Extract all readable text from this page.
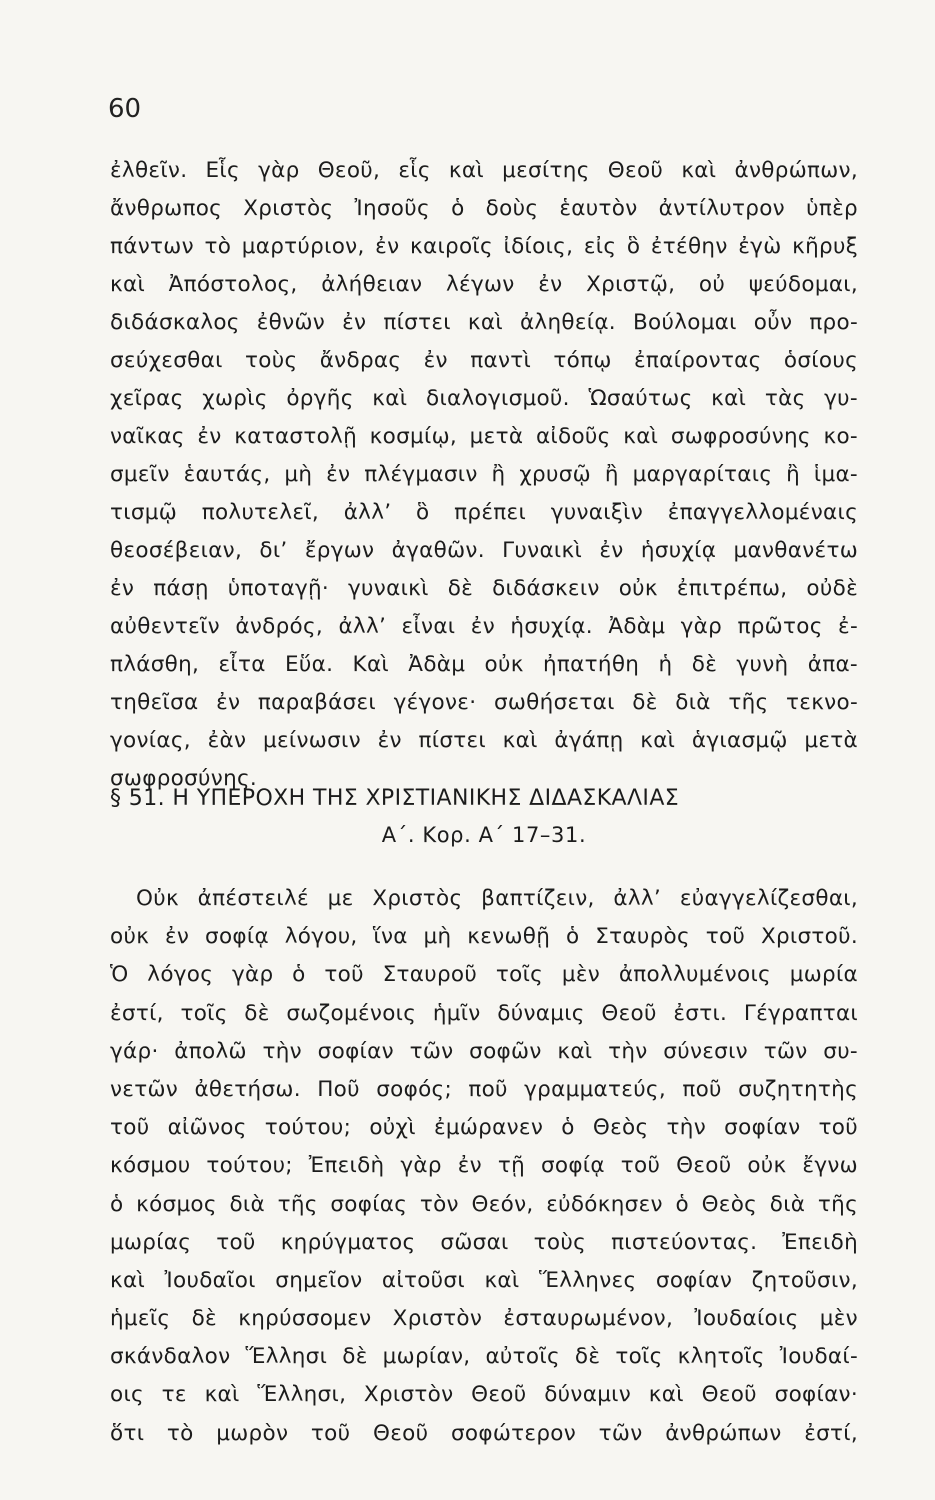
60
ἐλθεῖν. Εἷς γὰρ Θεοῦ, εἷς καὶ μεσίτης Θεοῦ καὶ ἀνθρώπων,
ἄνθρωπος Χριστὸς Ἰησοῦς ὁ δοὺς ἑαυτὸν ἀντίλυτρον ὑπὲρ
πάντων τὸ μαρτύριον, ἐν καιροῖς ἰδίοις, εἰς ὃ ἐτέθην ἐγὼ κῆρυξ
καὶ Ἀπόστολος, ἀλήθειαν λέγων ἐν Χριστῷ, οὐ ψεύδομαι,
διδάσκαλος ἐθνῶν ἐν πίστει καὶ ἀληθείᾳ. Βούλομαι οὖν προ-
σεύχεσθαι τοὺς ἄνδρας ἐν παντὶ τόπῳ ἐπαίροντας ὁσίους
χεῖρας χωρὶς ὀργῆς καὶ διαλογισμοῦ. Ὡσαύτως καὶ τὰς γυ-
ναῖκας ἐν καταστολῇ κοσμίῳ, μετὰ αἰδοῦς καὶ σωφροσύνης κο-
σμεῖν ἑαυτάς, μὴ ἐν πλέγμασιν ἢ χρυσῷ ἢ μαργαρίταις ἢ ἱμα-
τισμῷ πολυτελεῖ, ἀλλ’ ὃ πρέπει γυναιξὶν ἐπαγγελλομέναις
θεοσέβειαν, δι’ ἔργων ἀγαθῶν. Γυναικὶ ἐν ἡσυχίᾳ μανθανέτω
ἐν πάσῃ ὑποταγῇ· γυναικὶ δὲ διδάσκειν οὐκ ἐπιτρέπω, οὐδὲ
αὐθεντεῖν ἀνδρός, ἀλλ’ εἶναι ἐν ἡσυχίᾳ. Ἀδὰμ γὰρ πρῶτος ἐ-
πλάσθη, εἶτα Εὕα. Καὶ Ἀδὰμ οὐκ ἠπατήθη ἡ δὲ γυνὴ ἀπα-
τηθεῖσα ἐν παραβάσει γέγονε· σωθήσεται δὲ διὰ τῆς τεκνο-
γονίας, ἐὰν μείνωσιν ἐν πίστει καὶ ἀγάπῃ καὶ ἁγιασμῷ μετὰ
σωφροσύνης.
§ 51. Η ΥΠΕΡΟΧΗ ΤΗΣ ΧΡΙΣΤΙΑΝΙΚΗΣ ΔΙΔΑΣΚΑΛΙΑΣ
Α΄. Κορ. Α΄ 17–31.
Οὐκ ἀπέστειλέ με Χριστὸς βαπτίζειν, ἀλλ’ εὐαγγελίζεσθαι,
οὐκ ἐν σοφίᾳ λόγου, ἵνα μὴ κενωθῇ ὁ Σταυρὸς τοῦ Χριστοῦ.
Ὁ λόγος γὰρ ὁ τοῦ Σταυροῦ τοῖς μὲν ἀπολλυμένοις μωρία
ἐστί, τοῖς δὲ σωζομένοις ἡμῖν δύναμις Θεοῦ ἐστι. Γέγραπται
γάρ· ἀπολῶ τὴν σοφίαν τῶν σοφῶν καὶ τὴν σύνεσιν τῶν συ-
νετῶν ἀθετήσω. Ποῦ σοφός; ποῦ γραμματεύς, ποῦ συζητητὴς
τοῦ αἰῶνος τούτου; οὐχὶ ἐμώρανεν ὁ Θεὸς τὴν σοφίαν τοῦ
κόσμου τούτου; Ἐπειδὴ γὰρ ἐν τῇ σοφίᾳ τοῦ Θεοῦ οὐκ ἔγνω
ὁ κόσμος διὰ τῆς σοφίας τὸν Θεόν, εὐδόκησεν ὁ Θεὸς διὰ τῆς
μωρίας τοῦ κηρύγματος σῶσαι τοὺς πιστεύοντας. Ἐπειδὴ
καὶ Ἰουδαῖοι σημεῖον αἰτοῦσι καὶ Ἕλληνες σοφίαν ζητοῦσιν,
ἡμεῖς δὲ κηρύσσομεν Χριστὸν ἐσταυρωμένον, Ἰουδαίοις μὲν
σκάνδαλον Ἕλλησι δὲ μωρίαν, αὐτοῖς δὲ τοῖς κλητοῖς Ἰουδαί-
οις τε καὶ Ἕλλησι, Χριστὸν Θεοῦ δύναμιν καὶ Θεοῦ σοφίαν·
ὅτι τὸ μωρὸν τοῦ Θεοῦ σοφώτερον τῶν ἀνθρώπων ἐστί,
